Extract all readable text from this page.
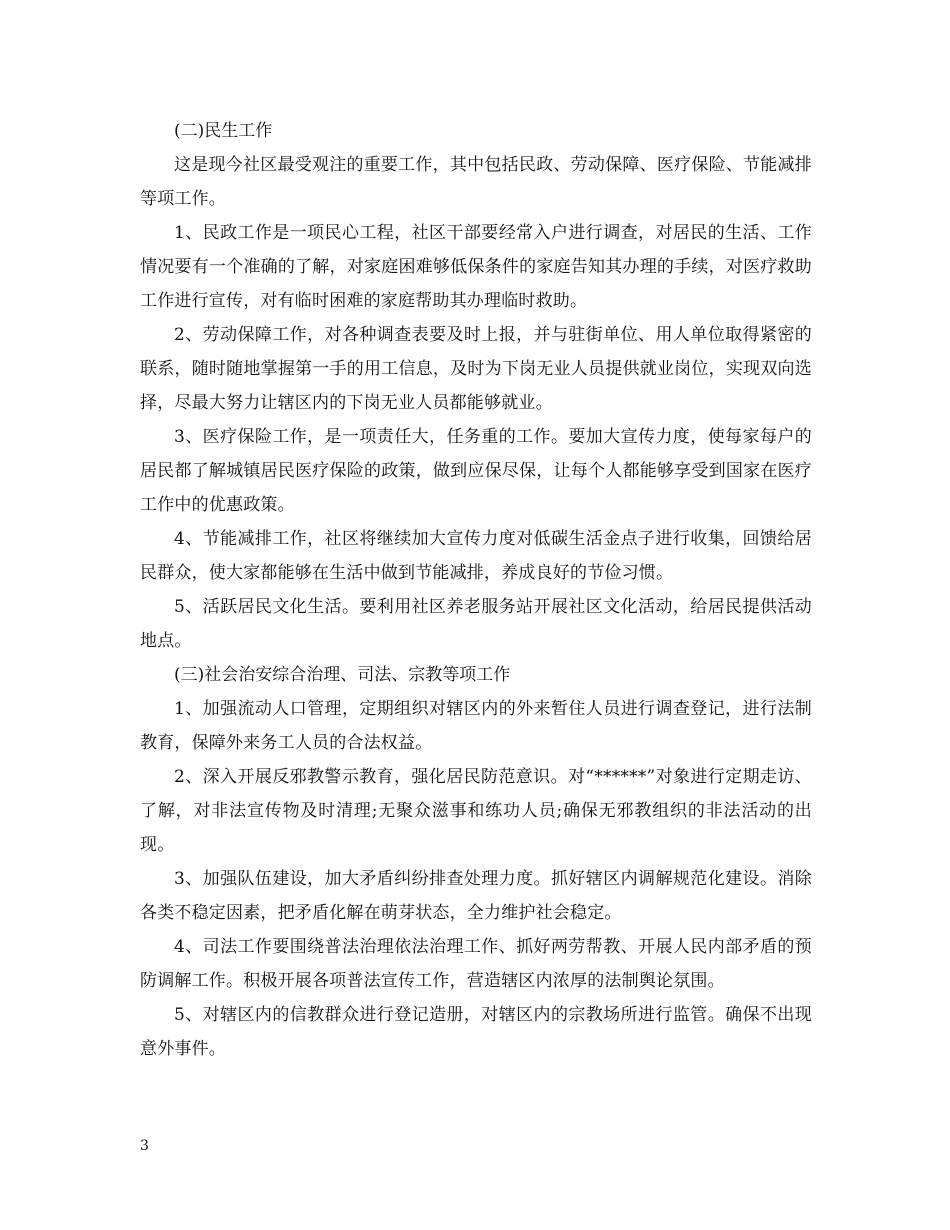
(二)民生工作

这是现今社区最受观注的重要工作，其中包括民政、劳动保障、医疗保险、节能减排等项工作。

1、民政工作是一项民心工程，社区干部要经常入户进行调查，对居民的生活、工作情况要有一个准确的了解，对家庭困难够低保条件的家庭告知其办理的手续，对医疗救助工作进行宣传，对有临时困难的家庭帮助其办理临时救助。

2、劳动保障工作，对各种调查表要及时上报，并与驻街单位、用人单位取得紧密的联系，随时随地掌握第一手的用工信息，及时为下岗无业人员提供就业岗位，实现双向选择，尽最大努力让辖区内的下岗无业人员都能够就业。

3、医疗保险工作，是一项责任大，任务重的工作。要加大宣传力度，使每家每户的居民都了解城镇居民医疗保险的政策，做到应保尽保，让每个人都能够享受到国家在医疗工作中的优惠政策。

4、节能减排工作，社区将继续加大宣传力度对低碳生活金点子进行收集，回馈给居民群众，使大家都能够在生活中做到节能减排，养成良好的节俭习惯。

5、活跃居民文化生活。要利用社区养老服务站开展社区文化活动，给居民提供活动地点。

(三)社会治安综合治理、司法、宗教等项工作

1、加强流动人口管理，定期组织对辖区内的外来暂住人员进行调查登记，进行法制教育，保障外来务工人员的合法权益。

2、深入开展反邪教警示教育，强化居民防范意识。对“******”对象进行定期走访、了解，对非法宣传物及时清理;无聚众滋事和练功人员;确保无邪教组织的非法活动的出现。

3、加强队伍建设，加大矛盾纠纷排查处理力度。抓好辖区内调解规范化建设。消除各类不稳定因素，把矛盾化解在萌芽状态，全力维护社会稳定。

4、司法工作要围绕普法治理依法治理工作、抓好两劳帮教、开展人民内部矛盾的预防调解工作。积极开展各项普法宣传工作，营造辖区内浓厚的法制舆论氛围。

5、对辖区内的信教群众进行登记造册，对辖区内的宗教场所进行监管。确保不出现意外事件。

3
